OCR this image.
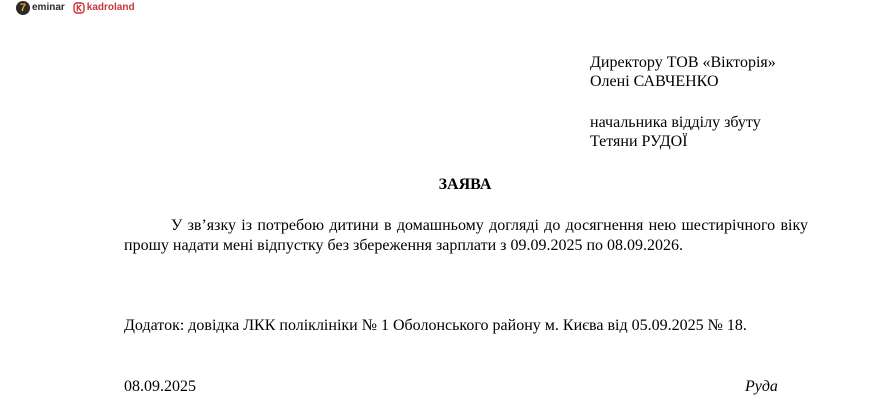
7 eminar kadroland
Директору ТОВ «Вікторія»
Олені САВЧЕНКО
начальника відділу збуту
Тетяни РУДОЇ
ЗАЯВА
У зв’язку із потребою дитини в домашньому догляді до досягнення нею шестирічного віку прошу надати мені відпустку без збереження зарплати з 09.09.2025 по 08.09.2026.
Додаток: довідка ЛКК поліклініки № 1 Оболонського району м. Києва від 05.09.2025 № 18.
08.09.2025	Руда
